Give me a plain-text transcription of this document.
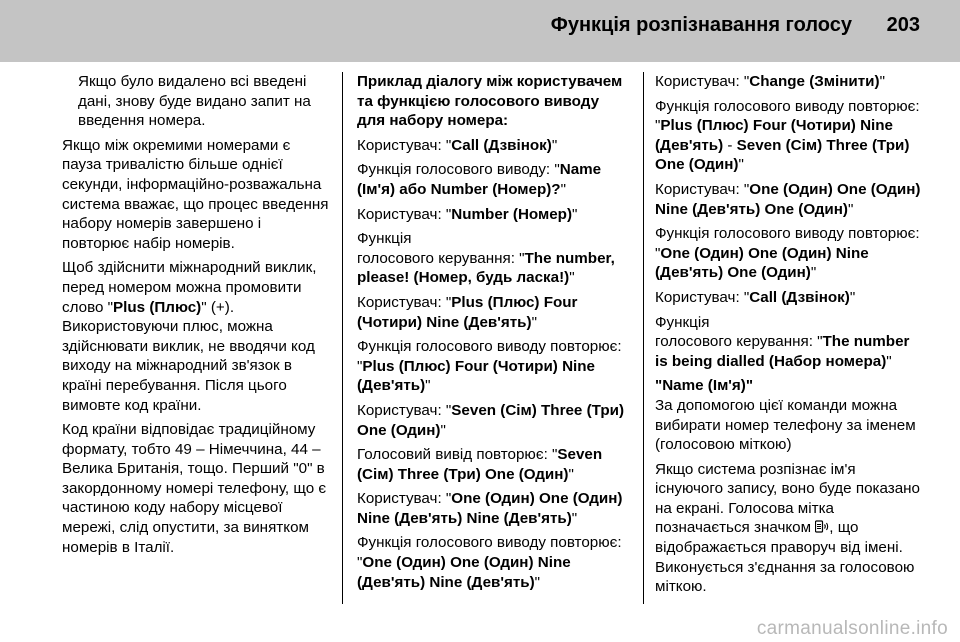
Функція розпізнавання голосу 203

Якщо було видалено всі введені дані, знову буде видано запит на введення номера.

Якщо між окремими номерами є пауза тривалістю більше однієї секунди, інформаційно-розважальна система вважає, що процес введення набору номерів завершено і повторює набір номерів.

Щоб здійснити міжнародний виклик, перед номером можна промовити слово "Plus (Плюс)" (+). Використовуючи плюс, можна здійснювати виклик, не вводячи код виходу на міжнародний зв'язок в країні перебування. Після цього вимовте код країни.

Код країни відповідає традиційному формату, тобто 49 – Німеччина, 44 – Велика Британія, тощо. Перший "0" в закордонному номері телефону, що є частиною коду набору місцевої мережі, слід опустити, за винятком номерів в Італії.

Приклад діалогу між користувачем та функцією голосового виводу для набору номера:

Користувач: "Call (Дзвінок)"

Функція голосового виводу: "Name (Ім'я) або Number (Номер)?"

Користувач: "Number (Номер)"

Функція
голосового керування: "The number, please! (Номер, будь ласка!)"

Користувач: "Plus (Плюс) Four (Чотири) Nine (Дев'ять)"

Функція голосового виводу повторює: "Plus (Плюс) Four (Чотири) Nine (Дев'ять)"

Користувач: "Seven (Сім) Three (Три) One (Один)"

Голосовий вивід повторює: "Seven (Сім) Three (Три) One (Один)"

Користувач: "One (Один) One (Один) Nine (Дев'ять) Nine (Дев'ять)"

Функція голосового виводу повторює: "One (Один) One (Один) Nine (Дев'ять) Nine (Дев'ять)"

Користувач: "Change (Змінити)"

Функція голосового виводу повторює: "Plus (Плюс) Four (Чотири) Nine (Дев'ять) - Seven (Сім) Three (Три) One (Один)"

Користувач: "One (Один) One (Один) Nine (Дев'ять) One (Один)"

Функція голосового виводу повторює: "One (Один) One (Один) Nine (Дев'ять) One (Один)"

Користувач: "Call (Дзвінок)"

Функція
голосового керування: "The number is being dialled (Набор номера)"

"Name (Ім'я)"

За допомогою цієї команди можна вибирати номер телефону за іменем (голосовою міткою)

Якщо система розпізнає ім'я існуючого запису, воно буде показано на екрані. Голосова мітка позначається значком , що відображається праворуч від імені. Виконується з'єднання за голосовою міткою.

carmanualsonline.info
